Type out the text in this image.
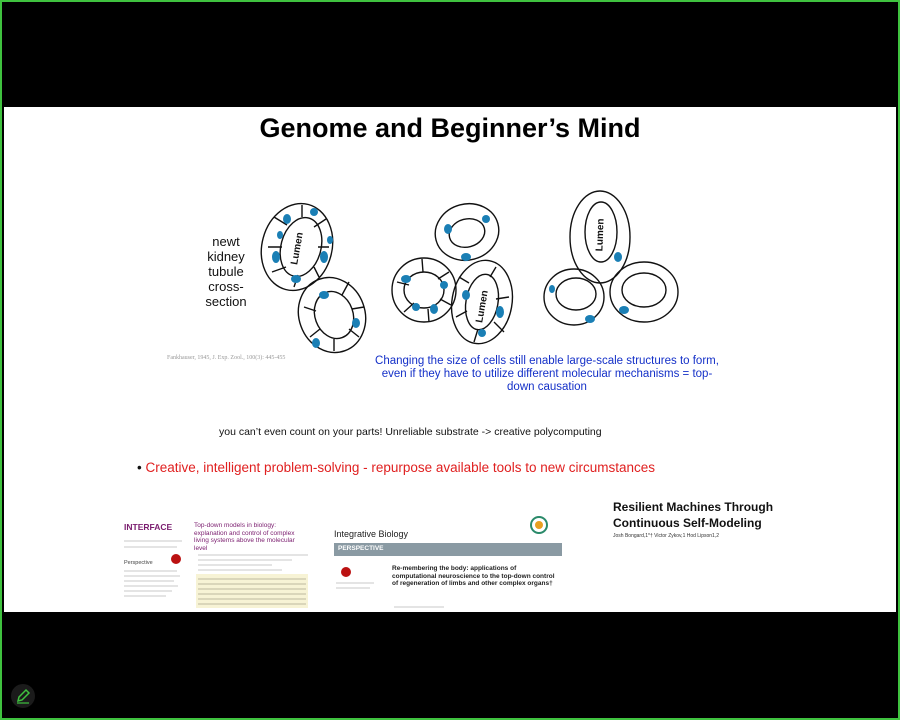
Genome and Beginner’s Mind
newt
kidney
tubule
cross-
section
Lumen
Lumen
Lumen
Fankhauser, 1945, J. Exp. Zool., 100(3): 445-455	Changing the size of cells still enable large-scale structures to form, even if they have to utilize different molecular mechanisms = top-down causation
you can’t even count on your parts! Unreliable substrate -> creative polycomputing
• Creative, intelligent problem-solving - repurpose available tools to new circumstances
INTERFACE	Top-down models in biology: explanation and control of complex living systems above the molecular level
Perspective
Integrative Biology
PERSPECTIVE
Re-membering the body: applications of computational neuroscience to the top-down control of regeneration of limbs and other complex organs†
Resilient Machines Through Continuous Self-Modeling
Josh Bongard,1*† Victor Zykov,1 Hod Lipson1,2
